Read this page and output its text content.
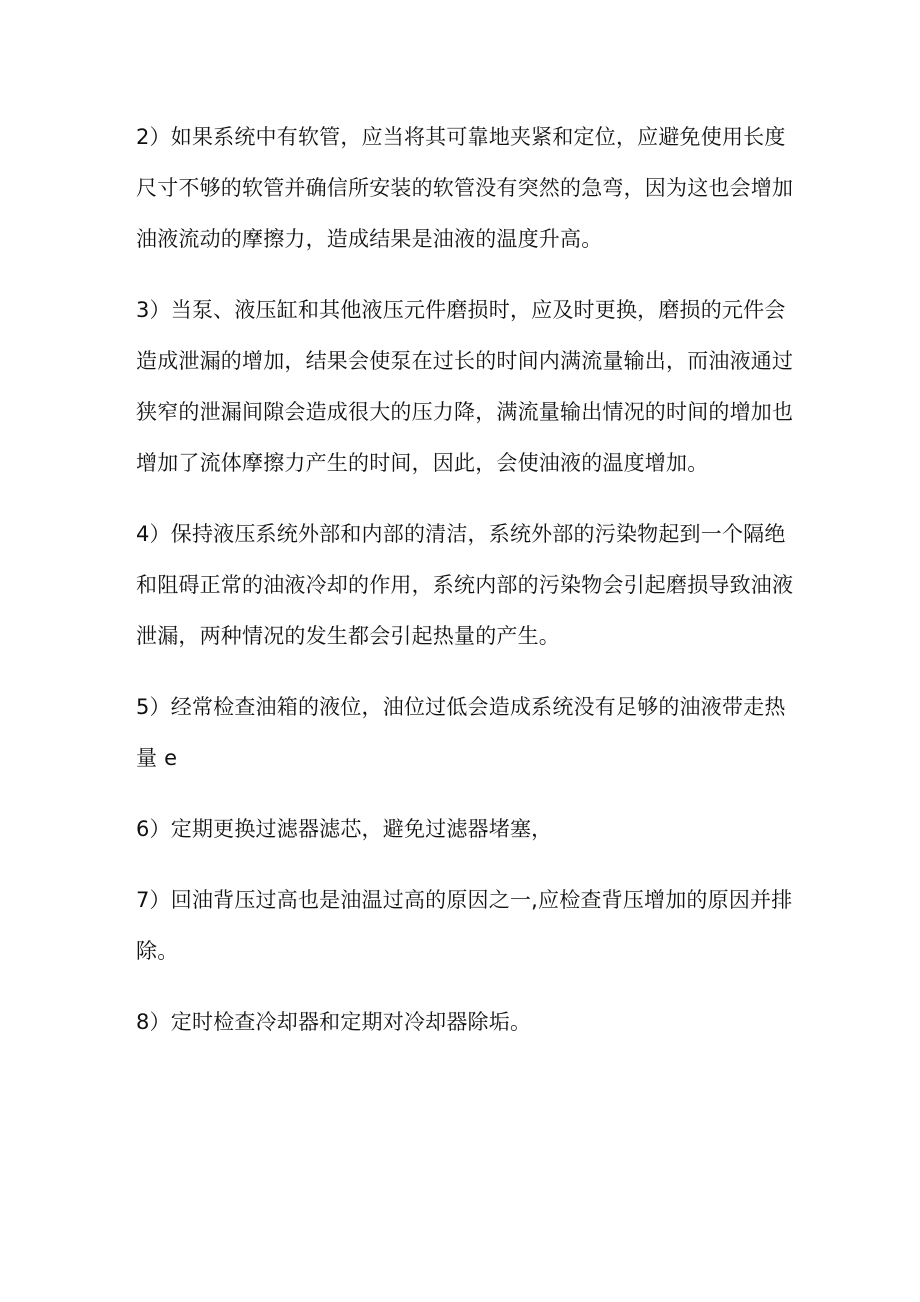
2）如果系统中有软管，应当将其可靠地夹紧和定位，应避免使用长度尺寸不够的软管并确信所安装的软管没有突然的急弯，因为这也会增加油液流动的摩擦力，造成结果是油液的温度升高。

3）当泵、液压缸和其他液压元件磨损时，应及时更换，磨损的元件会造成泄漏的增加，结果会使泵在过长的时间内满流量输出，而油液通过狭窄的泄漏间隙会造成很大的压力降，满流量输出情况的时间的增加也增加了流体摩擦力产生的时间，因此，会使油液的温度增加。

4）保持液压系统外部和内部的清洁，系统外部的污染物起到一个隔绝和阻碍正常的油液冷却的作用，系统内部的污染物会引起磨损导致油液泄漏，两种情况的发生都会引起热量的产生。

5）经常检查油箱的液位，油位过低会造成系统没有足够的油液带走热量 e

6）定期更换过滤器滤芯，避免过滤器堵塞，

7）回油背压过高也是油温过高的原因之一,应检查背压增加的原因并排除。

8）定时检查冷却器和定期对冷却器除垢。
